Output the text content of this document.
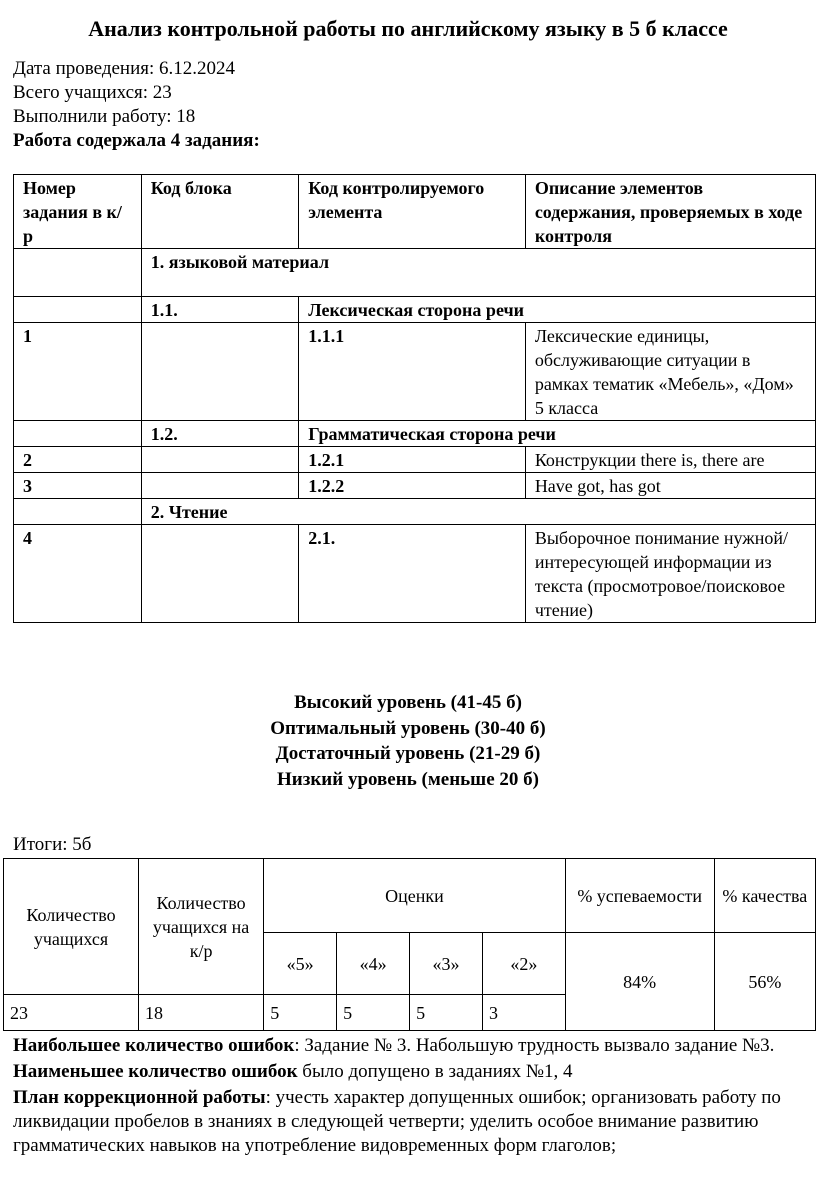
Анализ контрольной работы по английскому языку в 5 б классе
Дата проведения: 6.12.2024
Всего учащихся: 23
Выполнили работу: 18
Работа содержала 4 задания:
Номер задания в к/р	Код блока	Код контролируемого элемента	Описание элементов содержания, проверяемых в ходе контроля
	1. языковой материал		
	1.1.	Лексическая сторона речи	
1		1.1.1	Лексические единицы, обслуживающие ситуации в рамках тематик «Мебель», «Дом» 5 класса
	1.2.	Грамматическая сторона речи	
2		1.2.1	Конструкции there is, there are
3		1.2.2	Have got, has got
	2. Чтение		
4		2.1.	Выборочное понимание нужной/интересующей информации из текста (просмотровое/поисковое чтение)
Высокий уровень (41-45 б)
Оптимальный уровень (30-40 б)
Достаточный уровень (21-29 б)
Низкий уровень (меньше 20 б)
Итоги: 5б
Количество учащихся	Количество учащихся на к/р	Оценки				% успеваемости	% качества
		«5»	«4»	«3»	«2»	84%	56%
23	18	5	5	5	3		

Наибольшее количество ошибок: Задание № 3. Набольшую трудность вызвало задание №3.

Наименьшее количество ошибок было допущено в заданиях №1, 4

План коррекционной работы: учесть характер допущенных ошибок; организовать работу по ликвидации пробелов в знаниях в следующей четверти; уделить особое внимание развитию грамматических навыков на употребление видовременных форм глаголов;
